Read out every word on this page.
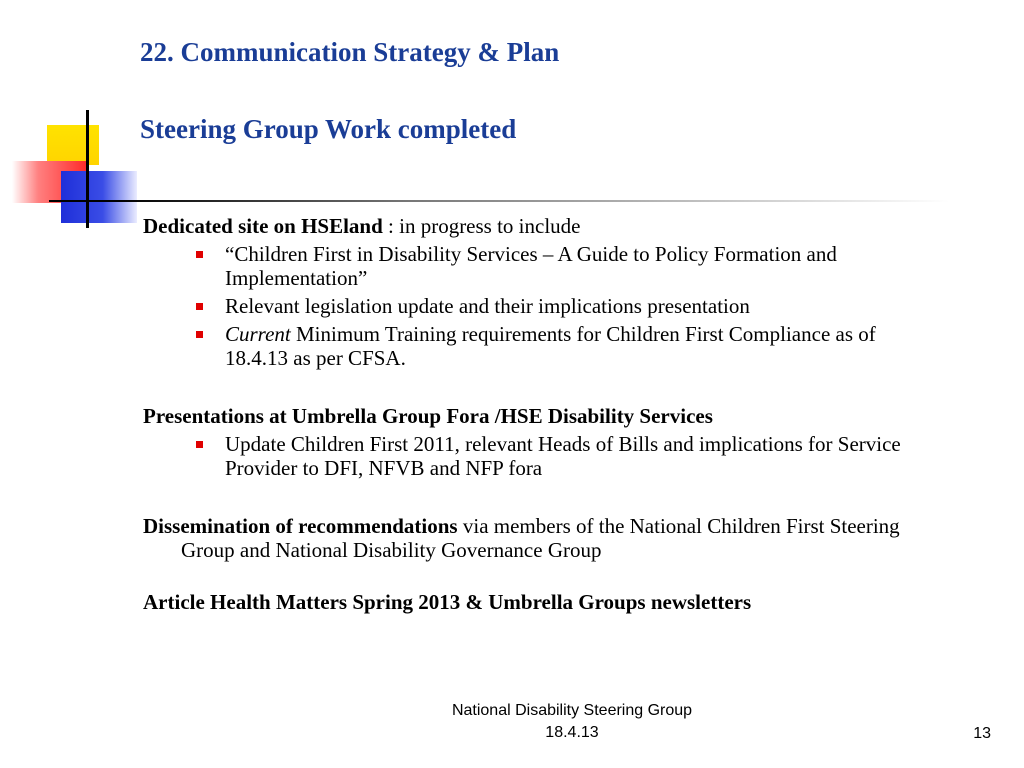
22. Communication Strategy & Plan
Steering Group Work completed

Dedicated site on HSEland : in progress to include

“Children First in Disability Services – A Guide to Policy Formation and Implementation”
Relevant legislation update and their implications presentation
Current Minimum Training requirements for Children First Compliance as of 18.4.13 as per CFSA.

Presentations at Umbrella Group Fora /HSE Disability Services

Update Children First 2011, relevant Heads of Bills and implications for Service Provider to DFI, NFVB and NFP fora

Dissemination of recommendations via members of the National Children First Steering Group and National Disability Governance Group

Article Health Matters Spring 2013 & Umbrella Groups newsletters

National Disability Steering Group
18.4.13	13
